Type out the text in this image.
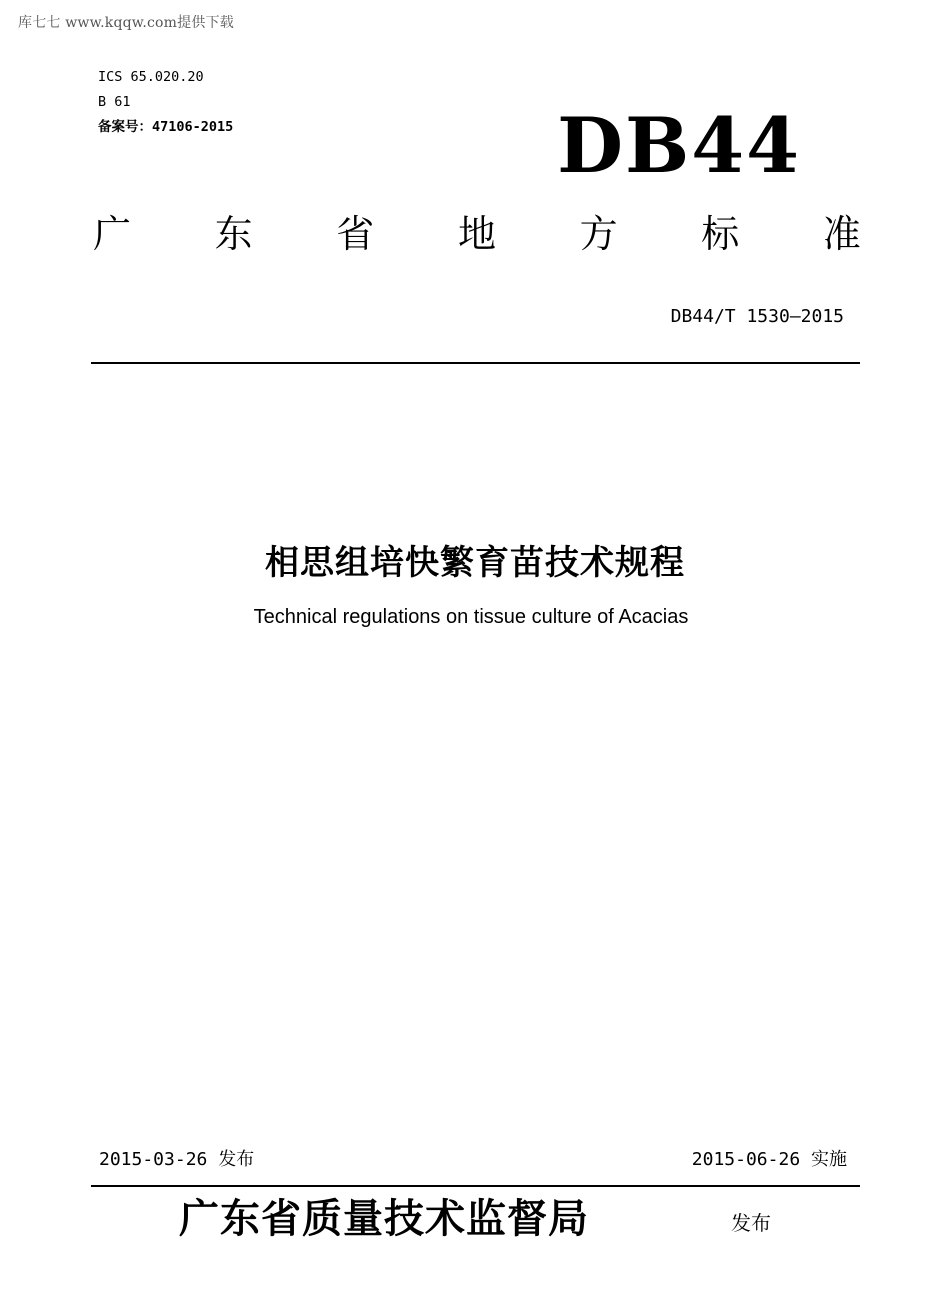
库七七 www.kqqw.com提供下载
ICS 65.020.20
B 61
备案号：47106-2015	DB44
广 东 省 地 方 标 准
DB44/T 1530—2015
相思组培快繁育苗技术规程
Technical regulations on tissue culture of Acacias
2015-03-26 发布	2015-06-26 实施
广东省质量技术监督局	发布
